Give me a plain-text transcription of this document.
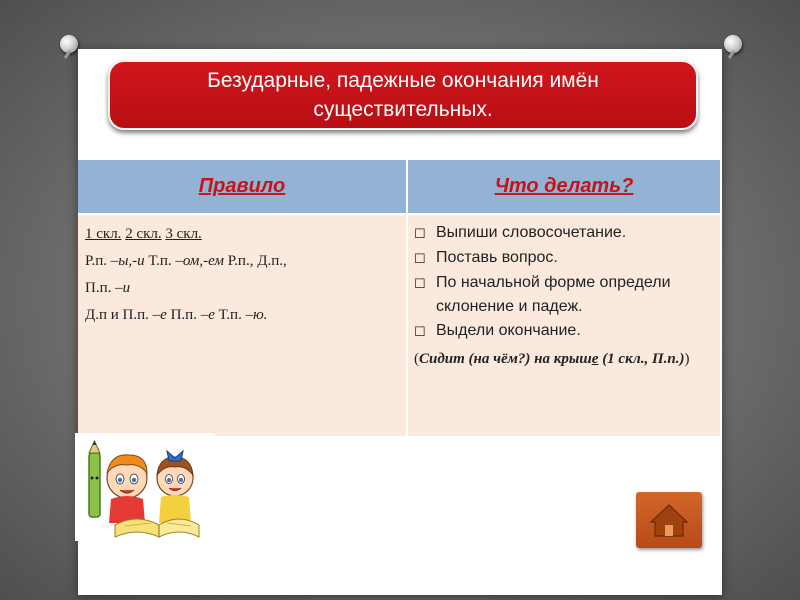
Безударные, падежные окончания имён существительных.
Правило	Что делать?
1 скл. 2 скл. 3 скл.
Р.п. –ы,-и Т.п. –ом,-ем Р.п., Д.п.,
П.п. –и
Д.п и П.п. –е П.п. –е Т.п. –ю.
☐ Выпиши словосочетание.
☐ Поставь вопрос.
☐ По начальной форме определи склонение и падеж.
☐ Выдели окончание.
(Сидит (на чём?) на крыше (1 скл., П.п.))
